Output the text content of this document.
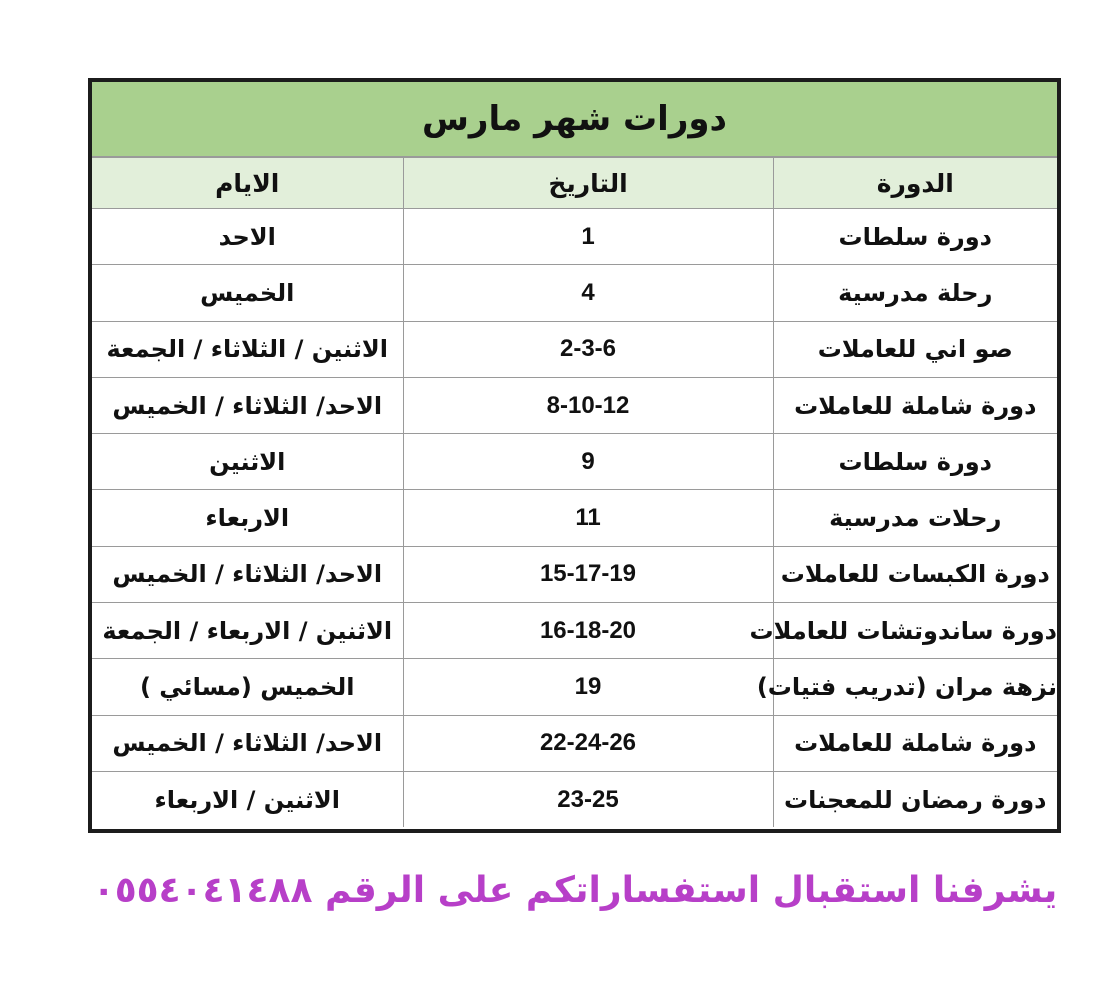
دورات شهر مارس
الدورة	التاريخ	الايام
دورة سلطات	1	الاحد
رحلة مدرسية	4	الخميس
صو اني للعاملات	2-3-6	الاثنين / الثلاثاء / الجمعة
دورة شاملة للعاملات	8-10-12	الاحد/ الثلاثاء / الخميس
دورة سلطات	9	الاثنين
رحلات مدرسية	11	الاربعاء
دورة الكبسات للعاملات	15-17-19	الاحد/ الثلاثاء / الخميس
دورة ساندوتشات للعاملات	16-18-20	الاثنين / الاربعاء / الجمعة
نزهة مران (تدريب فتيات)	19	الخميس (مسائي )
دورة شاملة للعاملات	22-24-26	الاحد/ الثلاثاء / الخميس
دورة رمضان للمعجنات	23-25	الاثنين / الاربعاء
يشرفنا استقبال استفساراتكم على الرقم ٠٥٥٤٠٤١٤٨٨
